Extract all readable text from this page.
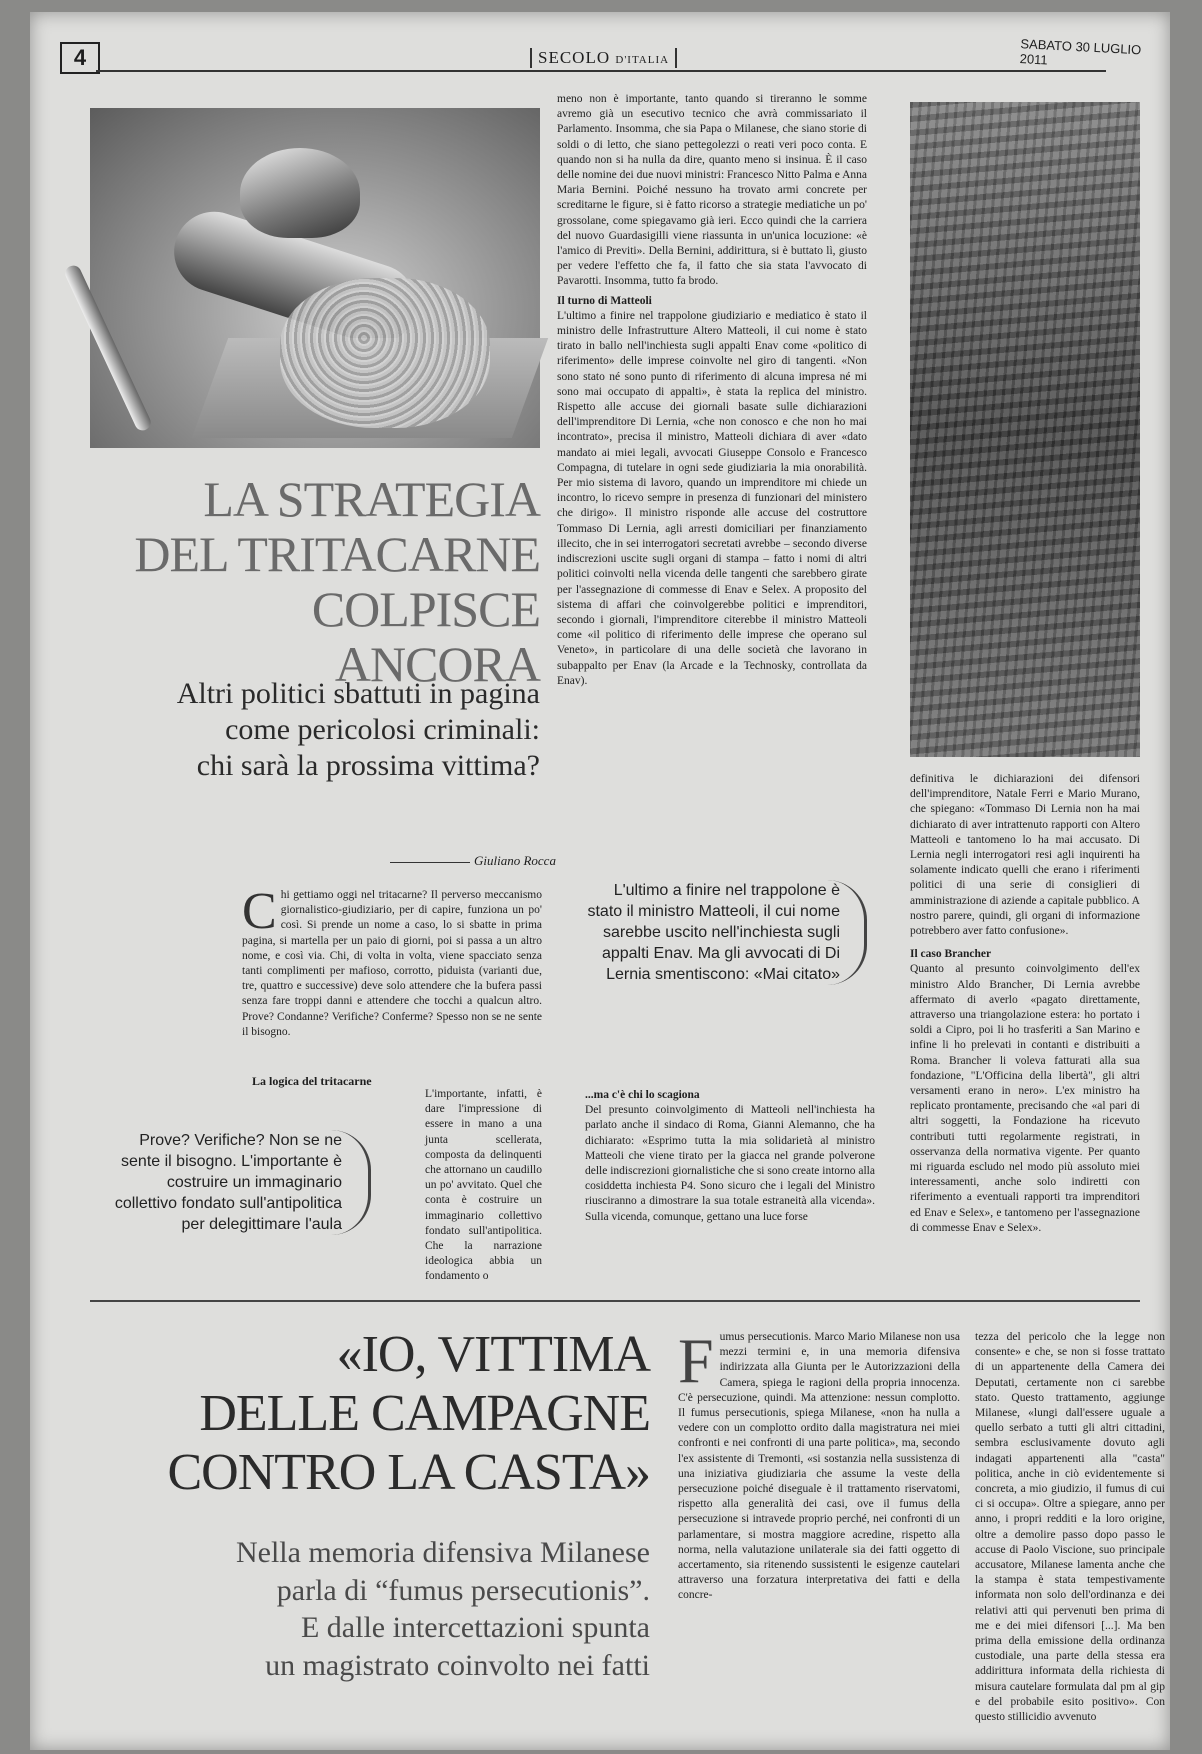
4	SECOLO D'ITALIA
SABATO 30 LUGLIO 2011
LA STRATEGIA
DEL TRITACARNE
COLPISCE ANCORA

Altri politici sbattuti in pagina

come pericolosi criminali:

chi sarà la prossima vittima?

Giuliano Rocca
C hi gettiamo oggi nel tritacarne? Il perverso meccanismo giornalistico-giudiziario, per di capire, funziona un po' così. Si prende un nome a caso, lo si sbatte in prima pagina, si martella per un paio di giorni, poi si passa a un altro nome, e così via. Chi, di volta in volta, viene spacciato senza tanti complimenti per mafioso, corrotto, piduista (varianti due, tre, quattro e successive) deve solo attendere che la bufera passi senza fare troppi danni e attendere che tocchi a qualcun altro. Prove? Condanne? Verifiche? Conferme? Spesso non se ne sente il bisogno.
La logica del tritacarne
L'importante, infatti, è dare l'impressione di essere in mano a una junta scellerata, composta da delinquenti che attornano un caudillo un po' avvitato. Quel che conta è costruire un immaginario collettivo fondato sull'antipolitica. Che la narrazione ideologica abbia un fondamento o
Prove? Verifiche? Non se ne sente il bisogno. L'importante è costruire un immaginario collettivo fondato sull'antipolitica per delegittimare l'aula

meno non è importante, tanto quando si tireranno le somme avremo già un esecutivo tecnico che avrà commissariato il Parlamento. Insomma, che sia Papa o Milanese, che siano storie di soldi o di letto, che siano pettegolezzi o reati veri poco conta. E quando non si ha nulla da dire, quanto meno si insinua. È il caso delle nomine dei due nuovi ministri: Francesco Nitto Palma e Anna Maria Bernini. Poiché nessuno ha trovato armi concrete per screditarne le figure, si è fatto ricorso a strategie mediatiche un po' grossolane, come spiegavamo già ieri. Ecco quindi che la carriera del nuovo Guardasigilli viene riassunta in un'unica locuzione: «è l'amico di Previti». Della Bernini, addirittura, si è buttato lì, giusto per vedere l'effetto che fa, il fatto che sia stata l'avvocato di Pavarotti. Insomma, tutto fa brodo.

Il turno di Matteoli

L'ultimo a finire nel trappolone giudiziario e mediatico è stato il ministro delle Infrastrutture Altero Matteoli, il cui nome è stato tirato in ballo nell'inchiesta sugli appalti Enav come «politico di riferimento» delle imprese coinvolte nel giro di tangenti. «Non sono stato né sono punto di riferimento di alcuna impresa né mi sono mai occupato di appalti», è stata la replica del ministro. Rispetto alle accuse dei giornali basate sulle dichiarazioni dell'imprenditore Di Lernia, «che non conosco e che non ho mai incontrato», precisa il ministro, Matteoli dichiara di aver «dato mandato ai miei legali, avvocati Giuseppe Consolo e Francesco Compagna, di tutelare in ogni sede giudiziaria la mia onorabilità. Per mio sistema di lavoro, quando un imprenditore mi chiede un incontro, lo ricevo sempre in presenza di funzionari del ministero che dirigo». Il ministro risponde alle accuse del costruttore Tommaso Di Lernia, agli arresti domiciliari per finanziamento illecito, che in sei interrogatori secretati avrebbe – secondo diverse indiscrezioni uscite sugli organi di stampa – fatto i nomi di altri politici coinvolti nella vicenda delle tangenti che sarebbero girate per l'assegnazione di commesse di Enav e Selex. A proposito del sistema di affari che coinvolgerebbe politici e imprenditori, secondo i giornali, l'imprenditore citerebbe il ministro Matteoli come «il politico di riferimento delle imprese che operano sul Veneto», in particolare di una delle società che lavorano in subappalto per Enav (la Arcade e la Technosky, controllata da Enav).

L'ultimo a finire nel trappolone è stato il ministro Matteoli, il cui nome sarebbe uscito nell'inchiesta sugli appalti Enav. Ma gli avvocati di Di Lernia smentiscono: «Mai citato»

...ma c'è chi lo scagiona

Del presunto coinvolgimento di Matteoli nell'inchiesta ha parlato anche il sindaco di Roma, Gianni Alemanno, che ha dichiarato: «Esprimo tutta la mia solidarietà al ministro Matteoli che viene tirato per la giacca nel grande polverone delle indiscrezioni giornalistiche che si sono create intorno alla cosiddetta inchiesta P4. Sono sicuro che i legali del Ministro riusciranno a dimostrare la sua totale estraneità alla vicenda». Sulla vicenda, comunque, gettano una luce forse

definitiva le dichiarazioni dei difensori dell'imprenditore, Natale Ferri e Mario Murano, che spiegano: «Tommaso Di Lernia non ha mai dichiarato di aver intrattenuto rapporti con Altero Matteoli e tantomeno lo ha mai accusato. Di Lernia negli interrogatori resi agli inquirenti ha solamente indicato quelli che erano i riferimenti politici di una serie di consiglieri di amministrazione di aziende a capitale pubblico. A nostro parere, quindi, gli organi di informazione potrebbero aver fatto confusione».

Il caso Brancher

Quanto al presunto coinvolgimento dell'ex ministro Aldo Brancher, Di Lernia avrebbe affermato di averlo «pagato direttamente, attraverso una triangolazione estera: ho portato i soldi a Cipro, poi li ho trasferiti a San Marino e infine li ho prelevati in contanti e distribuiti a Roma. Brancher li voleva fatturati alla sua fondazione, "L'Officina della libertà", gli altri versamenti erano in nero». L'ex ministro ha replicato prontamente, precisando che «al pari di altri soggetti, la Fondazione ha ricevuto contributi tutti regolarmente registrati, in osservanza della normativa vigente. Per quanto mi riguarda escludo nel modo più assoluto miei interessamenti, anche solo indiretti con riferimento a eventuali rapporti tra imprenditori ed Enav e Selex», e tantomeno per l'assegnazione di commesse Enav e Selex».

«IO, VITTIMA
DELLE CAMPAGNE
CONTRO LA CASTA»

Nella memoria difensiva Milanese

parla di “fumus persecutionis”.

E dalle intercettazioni spunta

un magistrato coinvolto nei fatti

F umus persecutionis. Marco Mario Milanese non usa mezzi termini e, in una memoria difensiva indirizzata alla Giunta per le Autorizzazioni della Camera, spiega le ragioni della propria innocenza. C'è persecuzione, quindi. Ma attenzione: nessun complotto. Il fumus persecutionis, spiega Milanese, «non ha nulla a vedere con un complotto ordito dalla magistratura nei miei confronti e nei confronti di una parte politica», ma, secondo l'ex assistente di Tremonti, «si sostanzia nella sussistenza di una iniziativa giudiziaria che assume la veste della persecuzione poiché diseguale è il trattamento riservatomi, rispetto alla generalità dei casi, ove il fumus della persecuzione si intravede proprio perché, nei confronti di un parlamentare, si mostra maggiore acredine, rispetto alla norma, nella valutazione unilaterale sia dei fatti oggetto di accertamento, sia ritenendo sussistenti le esigenze cautelari attraverso una forzatura interpretativa dei fatti e della concre-
tezza del pericolo che la legge non consente» e che, se non si fosse trattato di un appartenente della Camera dei Deputati, certamente non ci sarebbe stato. Questo trattamento, aggiunge Milanese, «lungi dall'essere uguale a quello serbato a tutti gli altri cittadini, sembra esclusivamente dovuto agli indagati appartenenti alla "casta" politica, anche in ciò evidentemente si concreta, a mio giudizio, il fumus di cui ci si occupa». Oltre a spiegare, anno per anno, i propri redditi e la loro origine, oltre a demolire passo dopo passo le accuse di Paolo Viscione, suo principale accusatore, Milanese lamenta anche che la stampa è stata tempestivamente informata non solo dell'ordinanza e dei relativi atti qui pervenuti ben prima di me e dei miei difensori [...]. Ma ben prima della emissione della ordinanza custodiale, una parte della stessa era addirittura informata della richiesta di misura cautelare formulata dal pm al gip e del probabile esito positivo». Con questo stillicidio avvenuto
